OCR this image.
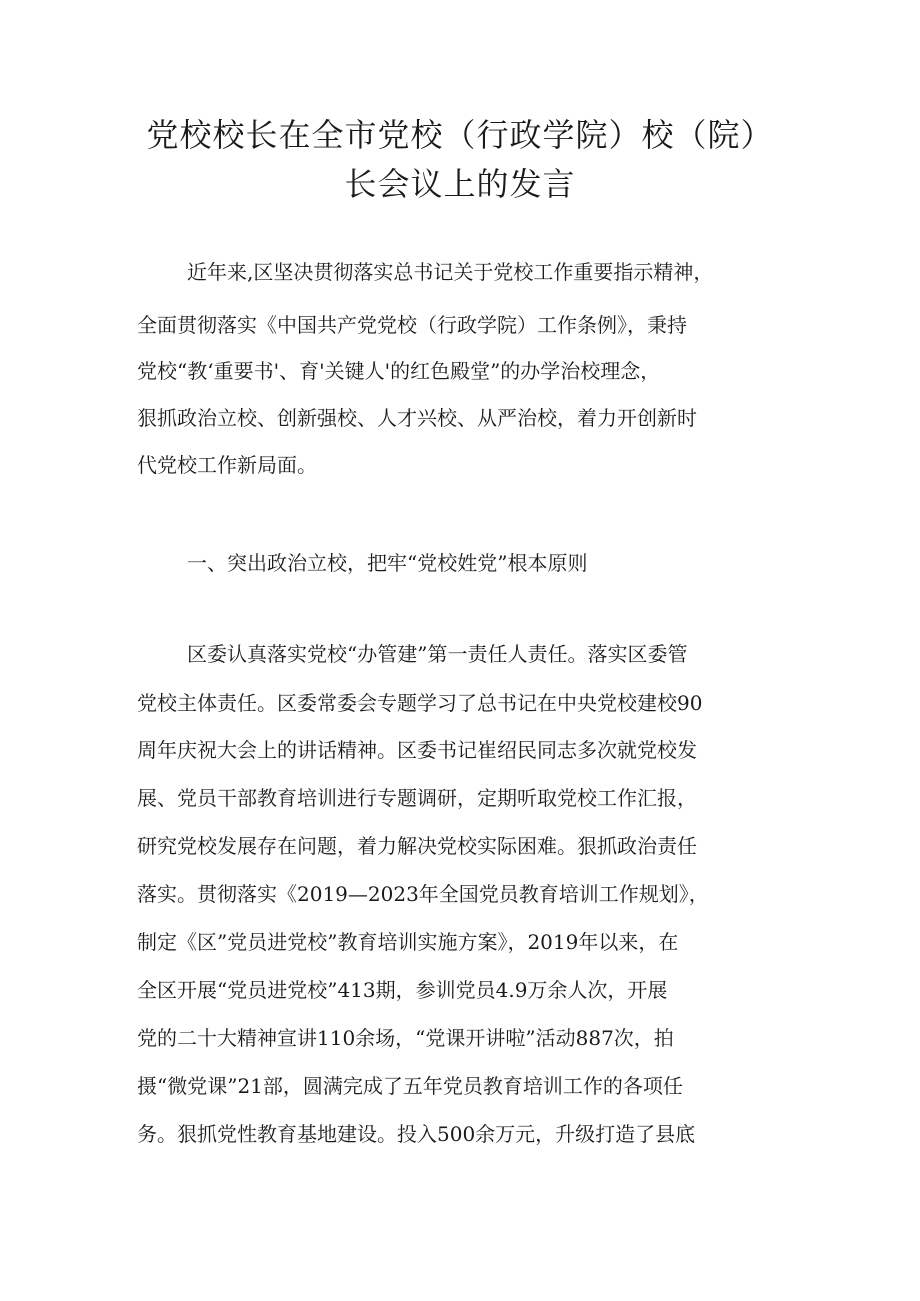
党校校长在全市党校（行政学院）校（院）
长会议上的发言

近年来,区坚决贯彻落实总书记关于党校工作重要指示精神，

全面贯彻落实《中国共产党党校（行政学院）工作条例》，秉持

党校“教‘重要书'、育'关键人'的红色殿堂”的办学治校理念，

狠抓政治立校、创新强校、人才兴校、从严治校，着力开创新时

代党校工作新局面。

一、突出政治立校，把牢“党校姓党”根本原则

区委认真落实党校“办管建”第一责任人责任。落实区委管

党校主体责任。区委常委会专题学习了总书记在中央党校建校90

周年庆祝大会上的讲话精神。区委书记崔绍民同志多次就党校发

展、党员干部教育培训进行专题调研，定期听取党校工作汇报，

研究党校发展存在问题，着力解决党校实际困难。狠抓政治责任

落实。贯彻落实《2019—2023年全国党员教育培训工作规划》，

制定《区”党员进党校”教育培训实施方案》，2019年以来，在

全区开展“党员进党校”413期，参训党员4.9万余人次，开展

党的二十大精神宣讲110余场，“党课开讲啦”活动887次，拍

摄“微党课”21部，圆满完成了五年党员教育培训工作的各项任

务。狠抓党性教育基地建设。投入500余万元，升级打造了县底
